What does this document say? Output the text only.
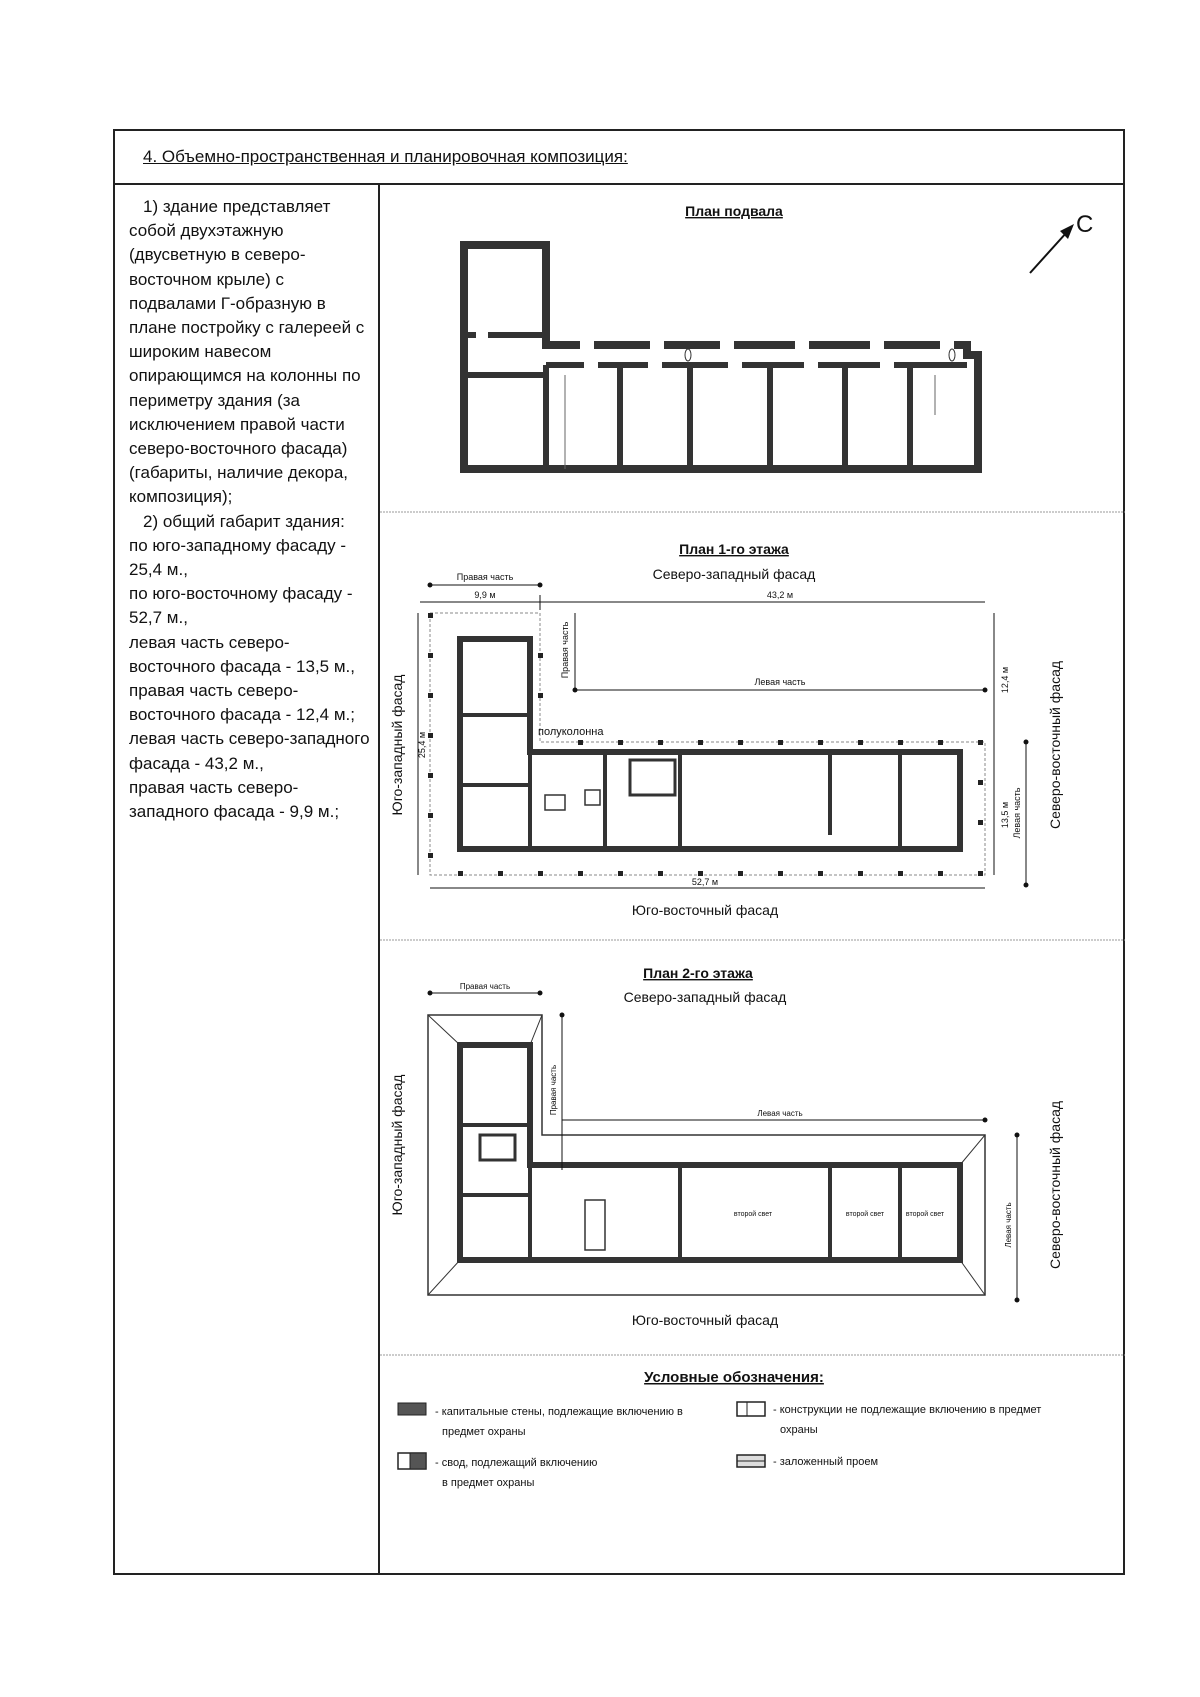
4. Объемно-пространственная и планировочная композиция:

1) здание представляет собой двухэтажную (двусветную в северо-восточном крыле) с подвалами Г-образную в плане постройку с галереей с широким навесом опирающимся на колонны по периметру здания (за исключением правой части северо-восточного фасада) (габариты, наличие декора, композиция);

2) общий габарит здания:

по юго-западному фасаду - 25,4 м.,

по юго-восточному фасаду - 52,7 м.,

левая часть северо-восточного фасада - 13,5 м.,

правая часть северо-восточного фасада - 12,4 м.;

левая часть северо-западного фасада - 43,2 м.,

правая часть северо-западного фасада - 9,9 м.;

План подвала	С
План 1-го этажа
Северо-западный фасад
Правая часть
9,9 м	43,2 м
полуколонна
Правая часть
Левая часть	12,4 м
13,5 м Левая часть Северо-восточный фасад
25,4 м
Юго-западный фасад
52,7 м
Юго-восточный фасад
План 2-го этажа
Северо-западный фасад
Правая часть
второй свет	второй свет	второй свет
Правая часть	Левая часть
Левая часть Северо-восточный фасад
Юго-западный фасад
Юго-восточный фасад
Условные обозначения:
- капитальные стены, подлежащие включению в
предмет охраны
- конструкции не подлежащие включению в предмет
охраны
- свод, подлежащий включению
в предмет охраны
- заложенный проем
